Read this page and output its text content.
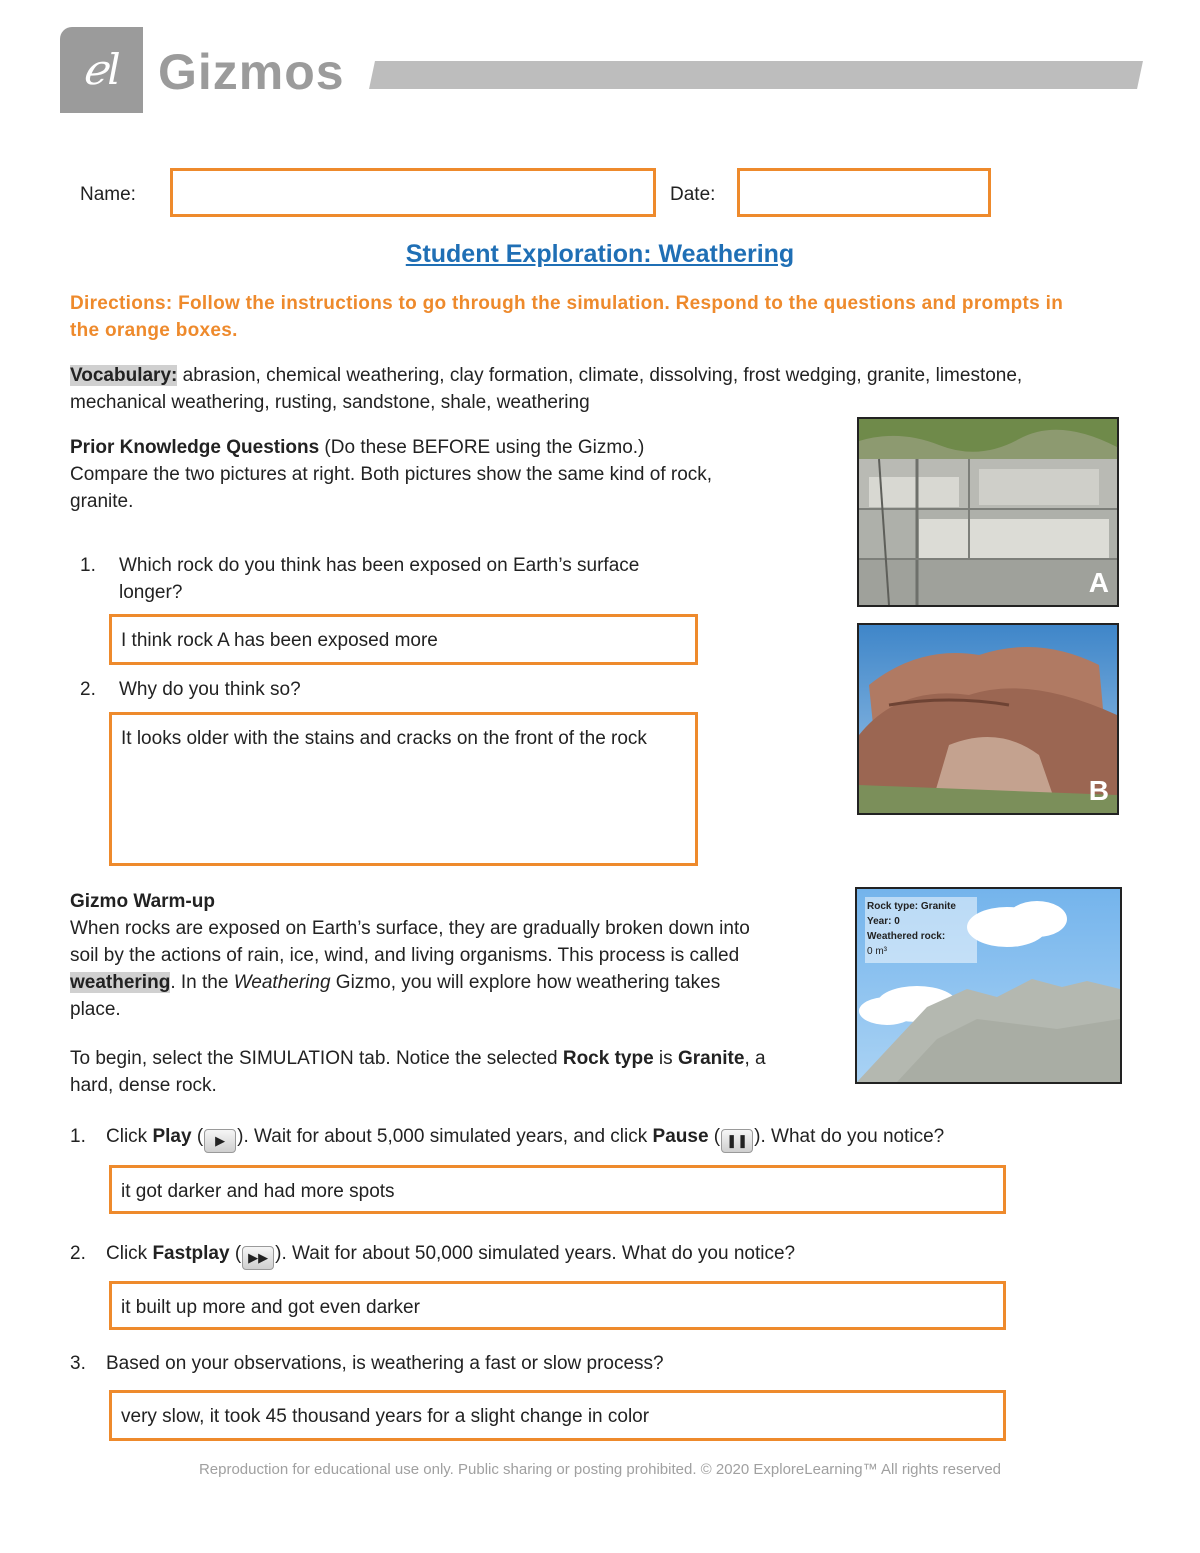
ℯl Gizmos
Name:	Date:
Student Exploration: Weathering
Directions: Follow the instructions to go through the simulation. Respond to the questions and prompts in the orange boxes.
Vocabulary: abrasion, chemical weathering, clay formation, climate, dissolving, frost wedging, granite, limestone, mechanical weathering, rusting, sandstone, shale, weathering
Prior Knowledge Questions (Do these BEFORE using the Gizmo.)
Compare the two pictures at right. Both pictures show the same kind of rock, granite.
1. Which rock do you think has been exposed on Earth’s surface longer?
I think rock A has been exposed more
2. Why do you think so?
It looks older with the stains and cracks on the front of the rock
A
B
Gizmo Warm-up
When rocks are exposed on Earth’s surface, they are gradually broken down into soil by the actions of rain, ice, wind, and living organisms. This process is called weathering. In the Weathering Gizmo, you will explore how weathering takes place.
To begin, select the SIMULATION tab. Notice the selected Rock type is Granite, a hard, dense rock.
Rock type: Granite
Year: 0
Weathered rock:
0 m³
1. Click Play ( ▶ ). Wait for about 5,000 simulated years, and click Pause ( ❚❚ ). What do you notice?
it got darker and had more spots
2. Click Fastplay ( ▶▶ ). Wait for about 50,000 simulated years. What do you notice?
it built up more and got even darker
3. Based on your observations, is weathering a fast or slow process?
very slow, it took 45 thousand years for a slight change in color
Reproduction for educational use only. Public sharing or posting prohibited. © 2020 ExploreLearning™ All rights reserved
